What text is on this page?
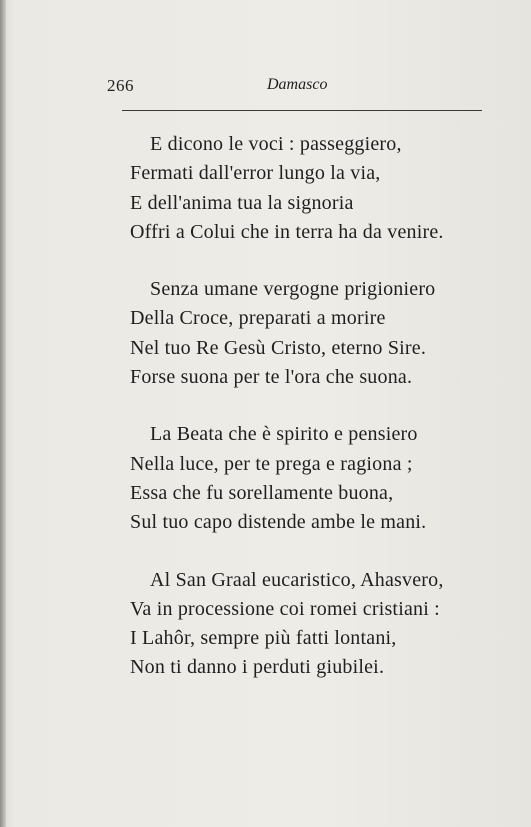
266	Damasco
E dicono le voci : passeggiero,
Fermati dall'error lungo la via,
E dell'anima tua la signoria
Offri a Colui che in terra ha da venire.
Senza umane vergogne prigioniero
Della Croce, preparati a morire
Nel tuo Re Gesù Cristo, eterno Sire.
Forse suona per te l'ora che suona.
La Beata che è spirito e pensiero
Nella luce, per te prega e ragiona ;
Essa che fu sorellamente buona,
Sul tuo capo distende ambe le mani.
Al San Graal eucaristico, Ahasvero,
Va in processione coi romei cristiani :
I Lahôr, sempre più fatti lontani,
Non ti danno i perduti giubilei.
